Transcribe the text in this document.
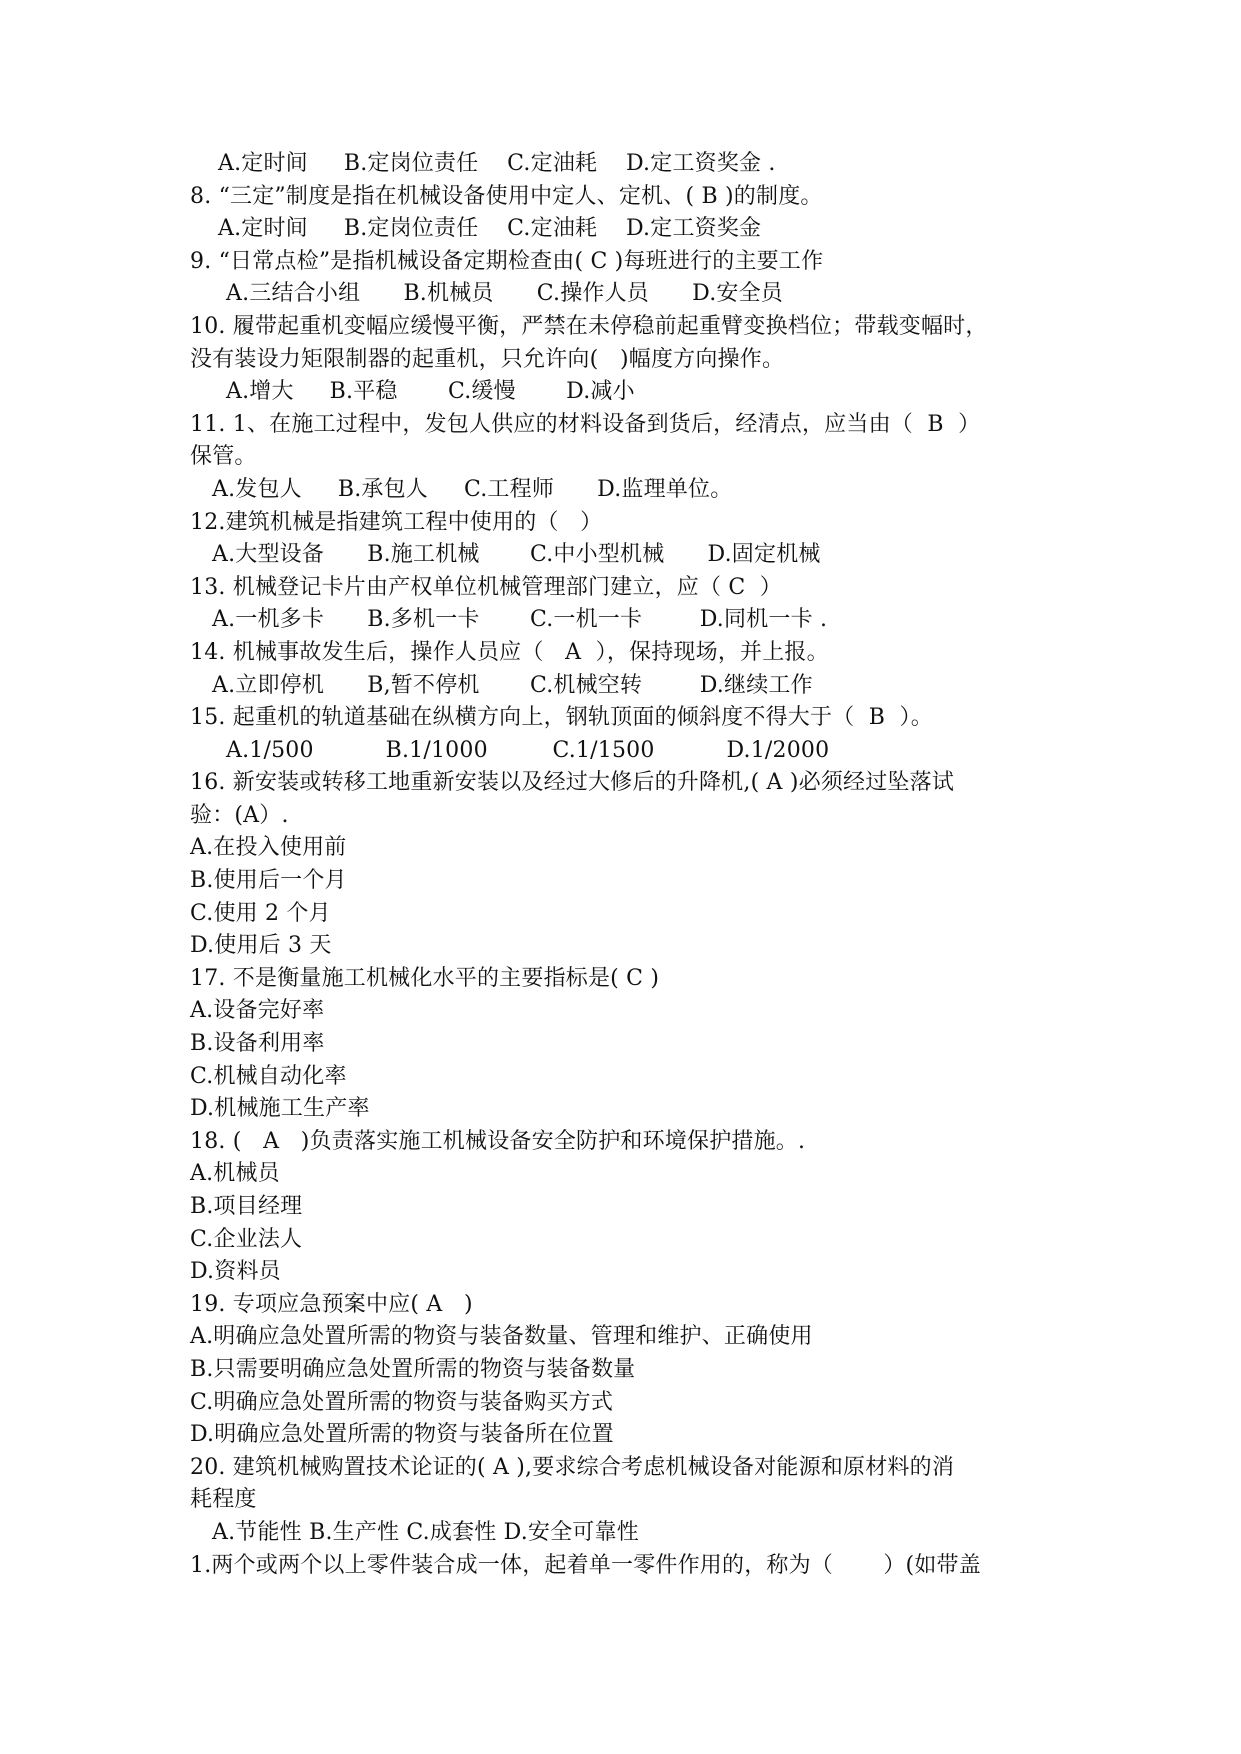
A.定时间     B.定岗位责任    C.定油耗    D.定工资奖金 .
8. “三定”制度是指在机械设备使用中定人、定机、( B )的制度。
A.定时间     B.定岗位责任    C.定油耗    D.定工资奖金
9. “日常点检”是指机械设备定期检查由( C )每班进行的主要工作
A.三结合小组      B.机械员      C.操作人员      D.安全员
10. 履带起重机变幅应缓慢平衡，严禁在未停稳前起重臂变换档位；带载变幅时，
没有装设力矩限制器的起重机，只允许向(   )幅度方向操作。
A.增大     B.平稳       C.缓慢       D.减小
11. 1、在施工过程中，发包人供应的材料设备到货后，经清点，应当由（  B  ）
保管。
A.发包人     B.承包人     C.工程师      D.监理单位。
12.建筑机械是指建筑工程中使用的（   ）
A.大型设备      B.施工机械       C.中小型机械      D.固定机械
13. 机械登记卡片由产权单位机械管理部门建立，应（ C  ）
A.一机多卡      B.多机一卡       C.一机一卡        D.同机一卡 .
14. 机械事故发生后，操作人员应（   A  ），保持现场，并上报。
A.立即停机      B,暂不停机       C.机械空转        D.继续工作
15. 起重机的轨道基础在纵横方向上，钢轨顶面的倾斜度不得大于（  B  ）。
A.1/500          B.1/1000         C.1/1500          D.1/2000
16. 新安装或转移工地重新安装以及经过大修后的升降机,( A )必须经过坠落试
验：(A）.
A.在投入使用前
B.使用后一个月
C.使用 2 个月
D.使用后 3 天
17. 不是衡量施工机械化水平的主要指标是( C )
A.设备完好率
B.设备利用率
C.机械自动化率
D.机械施工生产率
18. (   A   )负责落实施工机械设备安全防护和环境保护措施。.
A.机械员
B.项目经理
C.企业法人
D.资料员
19. 专项应急预案中应( A   )
A.明确应急处置所需的物资与装备数量、管理和维护、正确使用
B.只需要明确应急处置所需的物资与装备数量
C.明确应急处置所需的物资与装备购买方式
D.明确应急处置所需的物资与装备所在位置
20. 建筑机械购置技术论证的( A ),要求综合考虑机械设备对能源和原材料的消
耗程度
A.节能性 B.生产性 C.成套性 D.安全可靠性
1.两个或两个以上零件装合成一体，起着单一零件作用的，称为（       ）(如带盖
